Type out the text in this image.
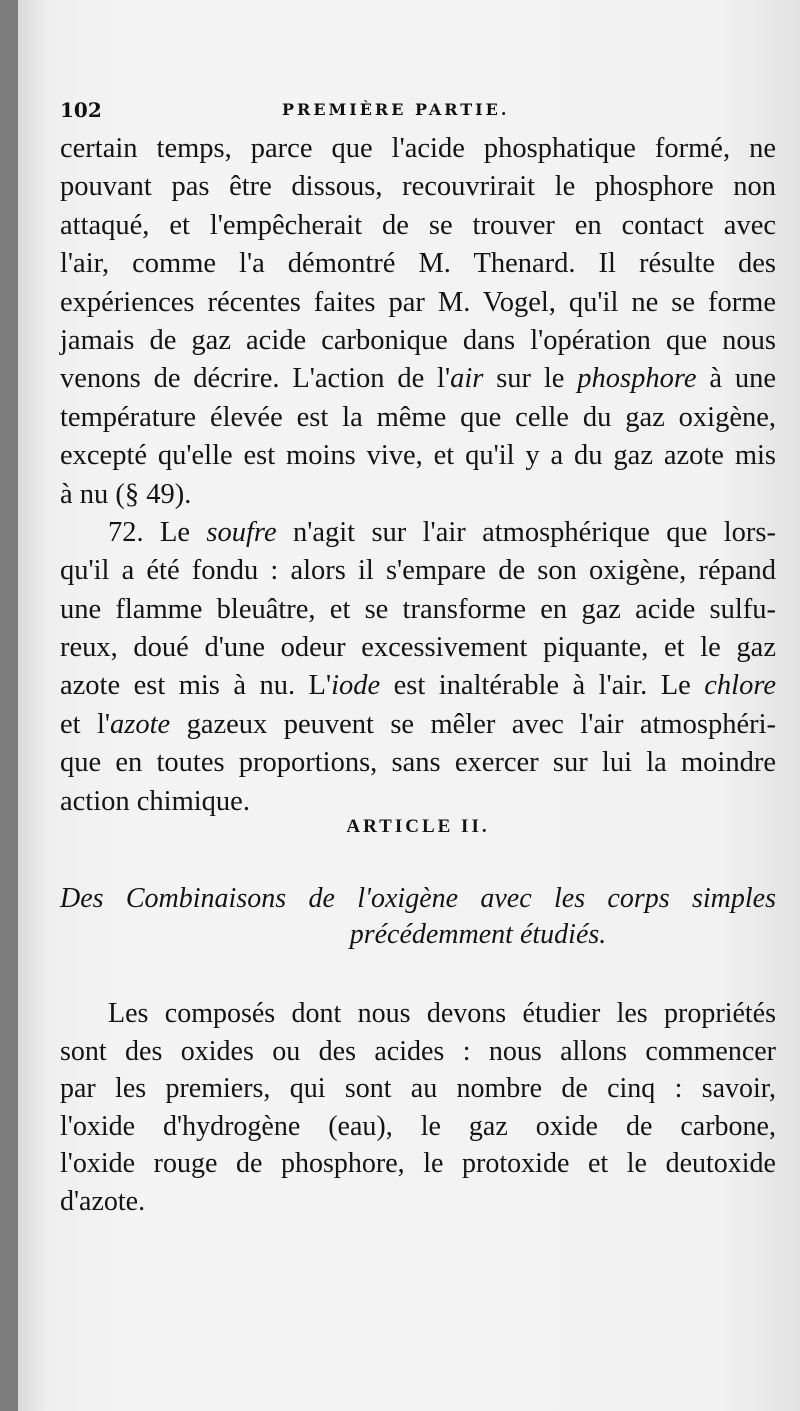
102	PREMIÈRE PARTIE.
certain temps, parce que l'acide phosphatique formé, ne
pouvant pas être dissous, recouvrirait le phosphore non
attaqué, et l'empêcherait de se trouver en contact avec
l'air, comme l'a démontré M. Thenard. Il résulte des
expériences récentes faites par M. Vogel, qu'il ne se forme
jamais de gaz acide carbonique dans l'opération que nous
venons de décrire. L'action de l'air sur le phosphore à une
température élevée est la même que celle du gaz oxigène,
excepté qu'elle est moins vive, et qu'il y a du gaz azote mis
à nu (§ 49).
72. Le soufre n'agit sur l'air atmosphérique que lors-
qu'il a été fondu : alors il s'empare de son oxigène, répand
une flamme bleuâtre, et se transforme en gaz acide sulfu-
reux, doué d'une odeur excessivement piquante, et le gaz
azote est mis à nu. L'iode est inaltérable à l'air. Le chlore
et l'azote gazeux peuvent se mêler avec l'air atmosphéri-
que en toutes proportions, sans exercer sur lui la moindre
action chimique.
ARTICLE II.
Des Combinaisons de l'oxigène avec les corps simples
précédemment étudiés.
Les composés dont nous devons étudier les propriétés
sont des oxides ou des acides : nous allons commencer
par les premiers, qui sont au nombre de cinq : savoir,
l'oxide d'hydrogène (eau), le gaz oxide de carbone,
l'oxide rouge de phosphore, le protoxide et le deutoxide
d'azote.
